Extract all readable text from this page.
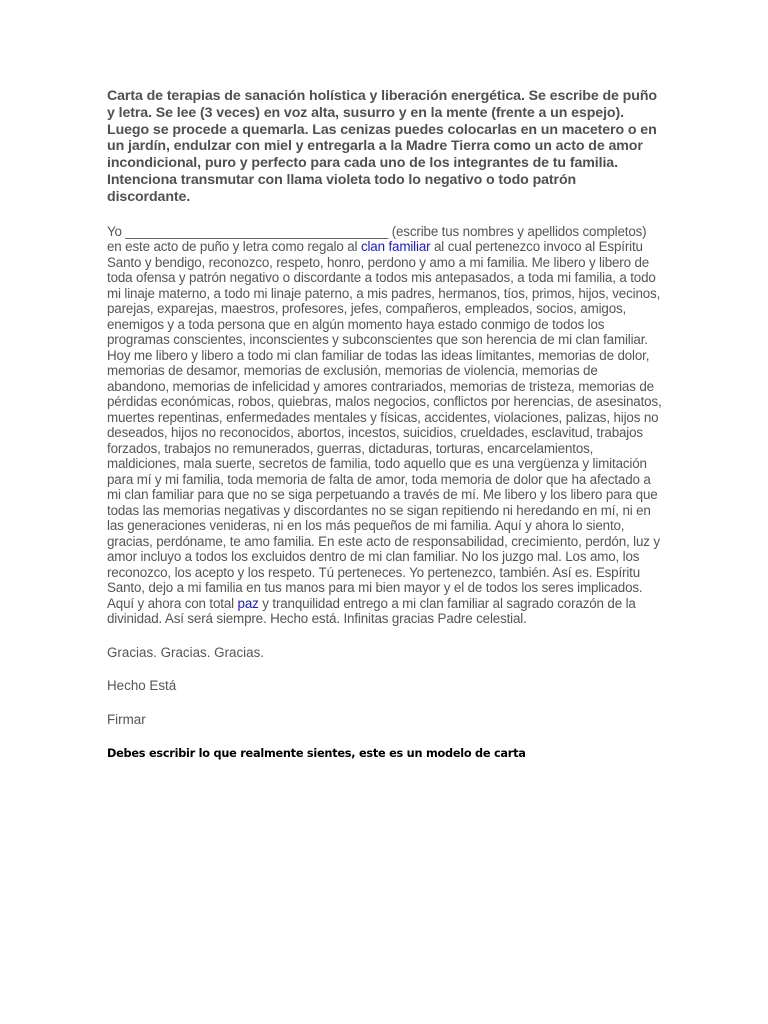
Carta de terapias de sanación holística y liberación energética. Se escribe de puño y letra. Se lee (3 veces) en voz alta, susurro y en la mente (frente a un espejo). Luego se procede a quemarla. Las cenizas puedes colocarlas en un macetero o en un jardín, endulzar con miel y entregarla a la Madre Tierra como un acto de amor incondicional, puro y perfecto para cada uno de los integrantes de tu familia. Intenciona transmutar con llama violeta todo lo negativo o todo patrón discordante.

Yo ____________________________________ (escribe tus nombres y apellidos completos) en este acto de puño y letra como regalo al clan familiar al cual pertenezco invoco al Espíritu Santo y bendigo, reconozco, respeto, honro, perdono y amo a mi familia. Me libero y libero de toda ofensa y patrón negativo o discordante a todos mis antepasados, a toda mi familia, a todo mi linaje materno, a todo mi linaje paterno, a mis padres, hermanos, tíos, primos, hijos, vecinos, parejas, exparejas, maestros, profesores, jefes, compañeros, empleados, socios, amigos, enemigos y a toda persona que en algún momento haya estado conmigo de todos los programas conscientes, inconscientes y subconscientes que son herencia de mi clan familiar. Hoy me libero y libero a todo mi clan familiar de todas las ideas limitantes, memorias de dolor, memorias de desamor, memorias de exclusión, memorias de violencia, memorias de abandono, memorias de infelicidad y amores contrariados, memorias de tristeza, memorias de pérdidas económicas, robos, quiebras, malos negocios, conflictos por herencias, de asesinatos, muertes repentinas, enfermedades mentales y físicas, accidentes, violaciones, palizas, hijos no deseados, hijos no reconocidos, abortos, incestos, suicidios, crueldades, esclavitud, trabajos forzados, trabajos no remunerados, guerras, dictaduras, torturas, encarcelamientos, maldiciones, mala suerte, secretos de familia, todo aquello que es una vergüenza y limitación para mí y mi familia, toda memoria de falta de amor, toda memoria de dolor que ha afectado a mi clan familiar para que no se siga perpetuando a través de mí. Me libero y los libero para que todas las memorias negativas y discordantes no se sigan repitiendo ni heredando en mí, ni en las generaciones venideras, ni en los más pequeños de mi familia. Aquí y ahora lo siento, gracias, perdóname, te amo familia. En este acto de responsabilidad, crecimiento, perdón, luz y amor incluyo a todos los excluidos dentro de mi clan familiar. No los juzgo mal. Los amo, los reconozco, los acepto y los respeto. Tú perteneces. Yo pertenezco, también. Así es. Espíritu Santo, dejo a mi familia en tus manos para mi bien mayor y el de todos los seres implicados. Aquí y ahora con total paz y tranquilidad entrego a mi clan familiar al sagrado corazón de la divinidad. Así será siempre. Hecho está. Infinitas gracias Padre celestial.

Gracias. Gracias. Gracias.

Hecho Está

Firmar

Debes escribir lo que realmente sientes, este es un modelo de carta
